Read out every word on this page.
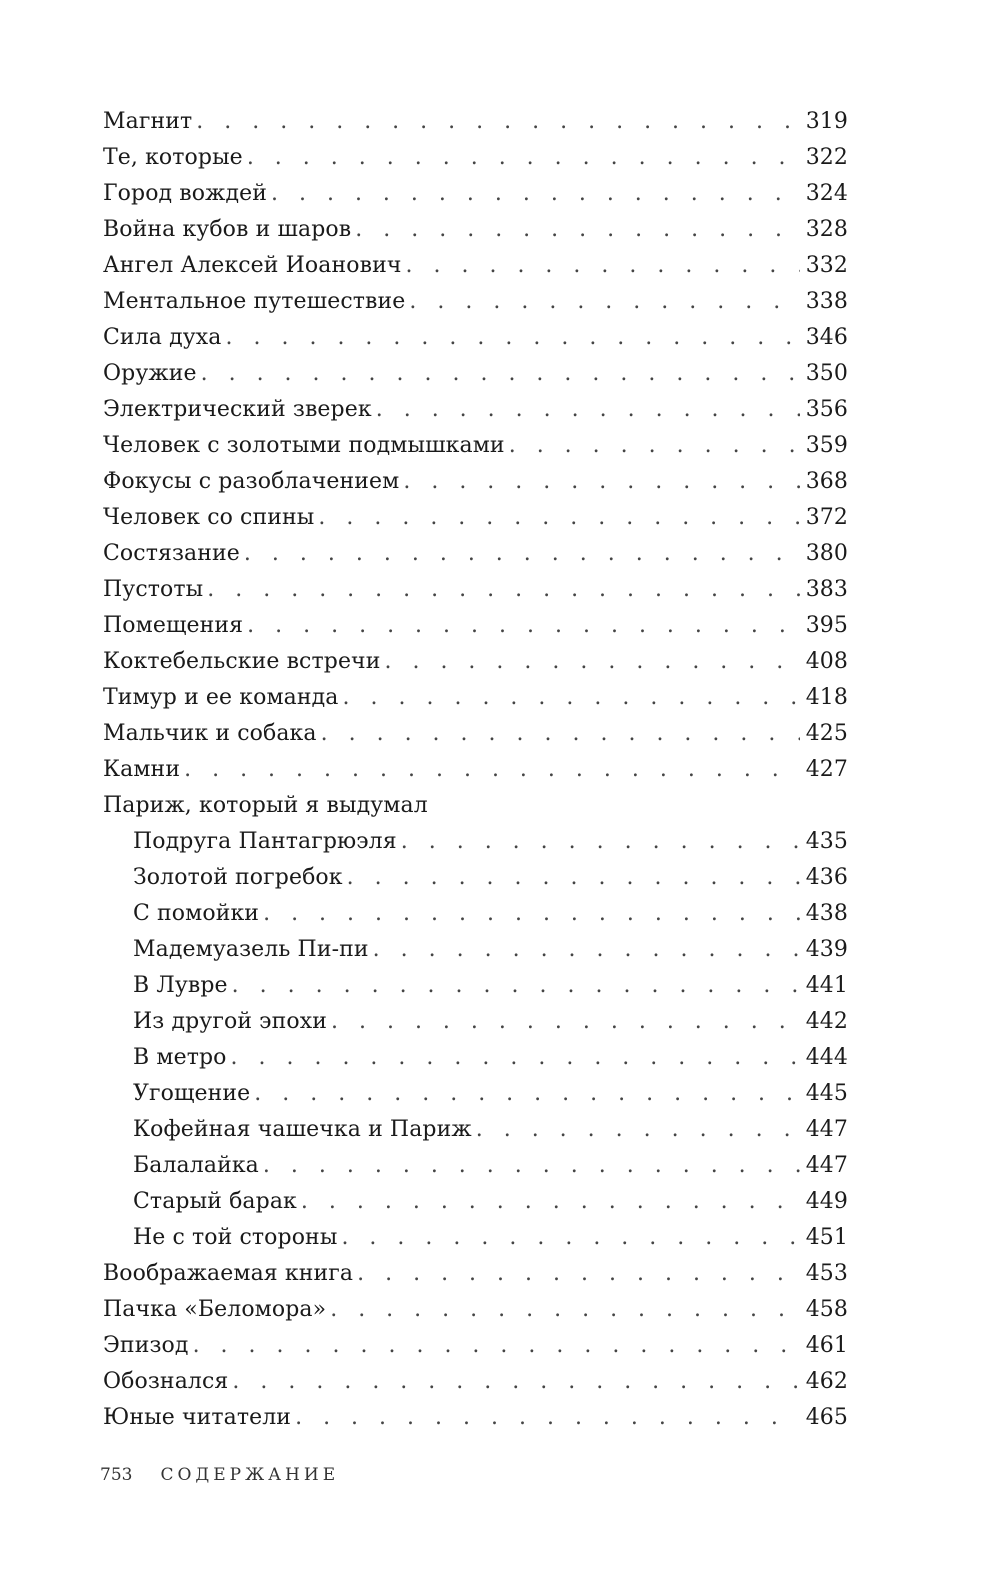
Магнит . . .	319
Те, которые . . .	322
Город вождей . . .	324
Война кубов и шаров . . .	328
Ангел Алексей Иоанович . . .	332
Ментальное путешествие . . .	338
Сила духа . . .	346
Оружие . . .	350
Электрический зверек . . .	356
Человек с золотыми подмышками . . .	359
Фокусы с разоблачением . . .	368
Человек со спины . . .	372
Состязание . . .	380
Пустоты . . .	383
Помещения . . .	395
Коктебельские встречи . . .	408
Тимур и ее команда . . .	418
Мальчик и собака . . .	425
Камни . . .	427
Париж, который я выдумал
Подруга Пантагрюэля . . .	435
Золотой погребок . . .	436
С помойки . . .	438
Мадемуазель Пи-пи . . .	439
В Лувре . . .	441
Из другой эпохи . . .	442
В метро . . .	444
Угощение . . .	445
Кофейная чашечка и Париж . . .	447
Балалайка . . .	447
Старый барак . . .	449
Не с той стороны . . .	451
Воображаемая книга . . .	453
Пачка «Беломора» . . .	458
Эпизод . . .	461
Обознался . . .	462
Юные читатели . . .	465
753 СОДЕРЖАНИЕ
